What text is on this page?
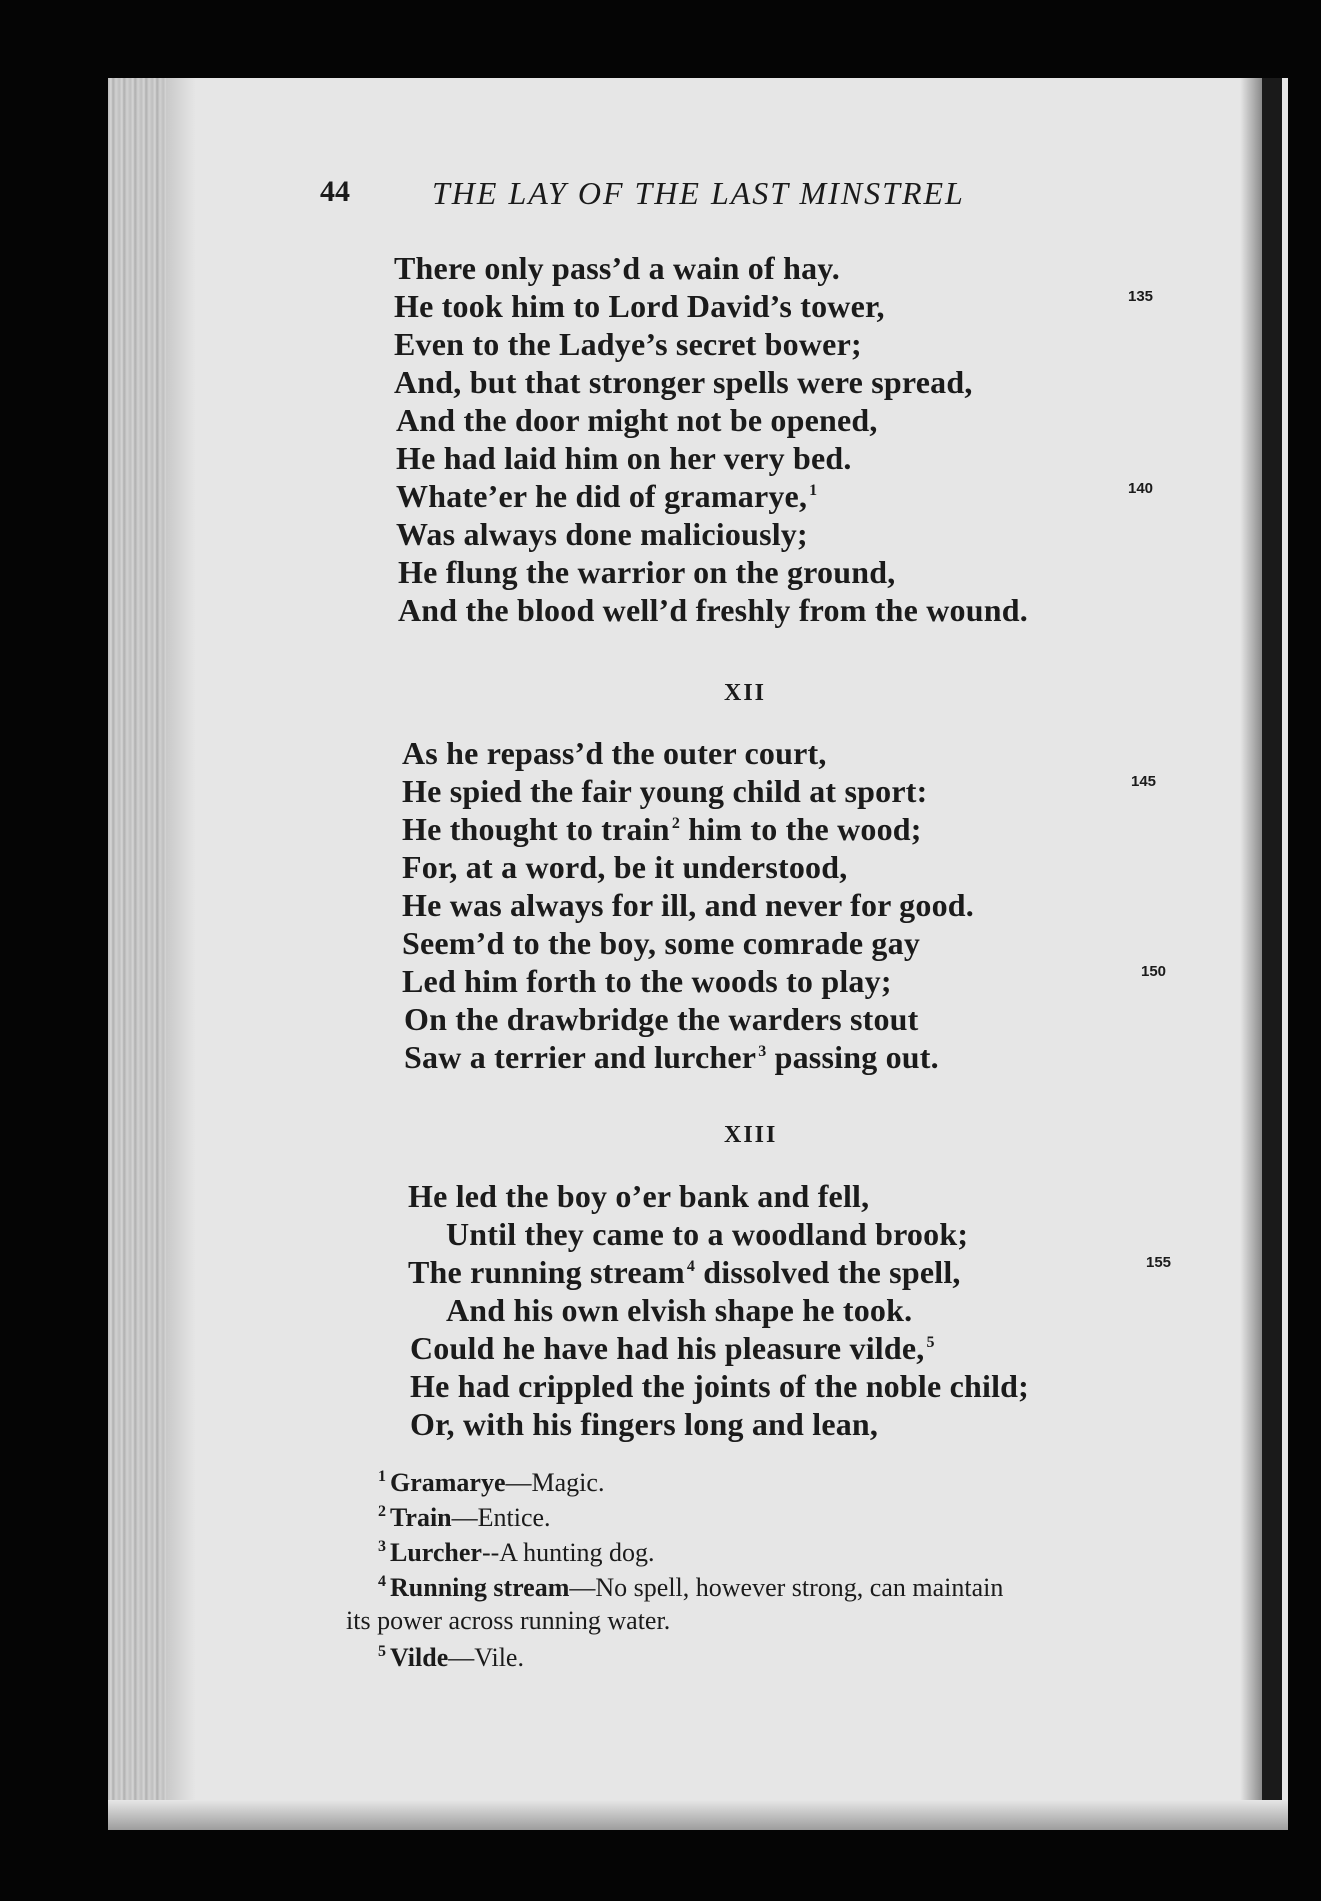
44	THE LAY OF THE LAST MINSTREL
There only pass’d a wain of hay.
He took him to Lord David’s tower,	135
Even to the Ladye’s secret bower;
And, but that stronger spells were spread,
And the door might not be opened,
He had laid him on her very bed.
Whate’er he did of gramarye, $^1$	140
Was always done maliciously;
He flung the warrior on the ground,
And the blood well’d freshly from the wound.
XII
As he repass’d the outer court,
He spied the fair young child at sport:	145
He thought to train $^2$ him to the wood;
For, at a word, be it understood,
He was always for ill, and never for good.
Seem’d to the boy, some comrade gay
Led him forth to the woods to play;	150
On the drawbridge the warders stout
Saw a terrier and lurcher $^3$ passing out.
XIII
He led the boy o’er bank and fell,
Until they came to a woodland brook;
The running stream $^4$ dissolved the spell,	155
And his own elvish shape he took.
Could he have had his pleasure vilde, $^5$
He had crippled the joints of the noble child;
Or, with his fingers long and lean,
$^1$ Gramarye—Magic.
$^2$ Train—Entice.
$^3$ Lurcher--A hunting dog.
$^4$ Running stream—No spell, however strong, can maintain
its power across running water.
$^5$ Vilde—Vile.
